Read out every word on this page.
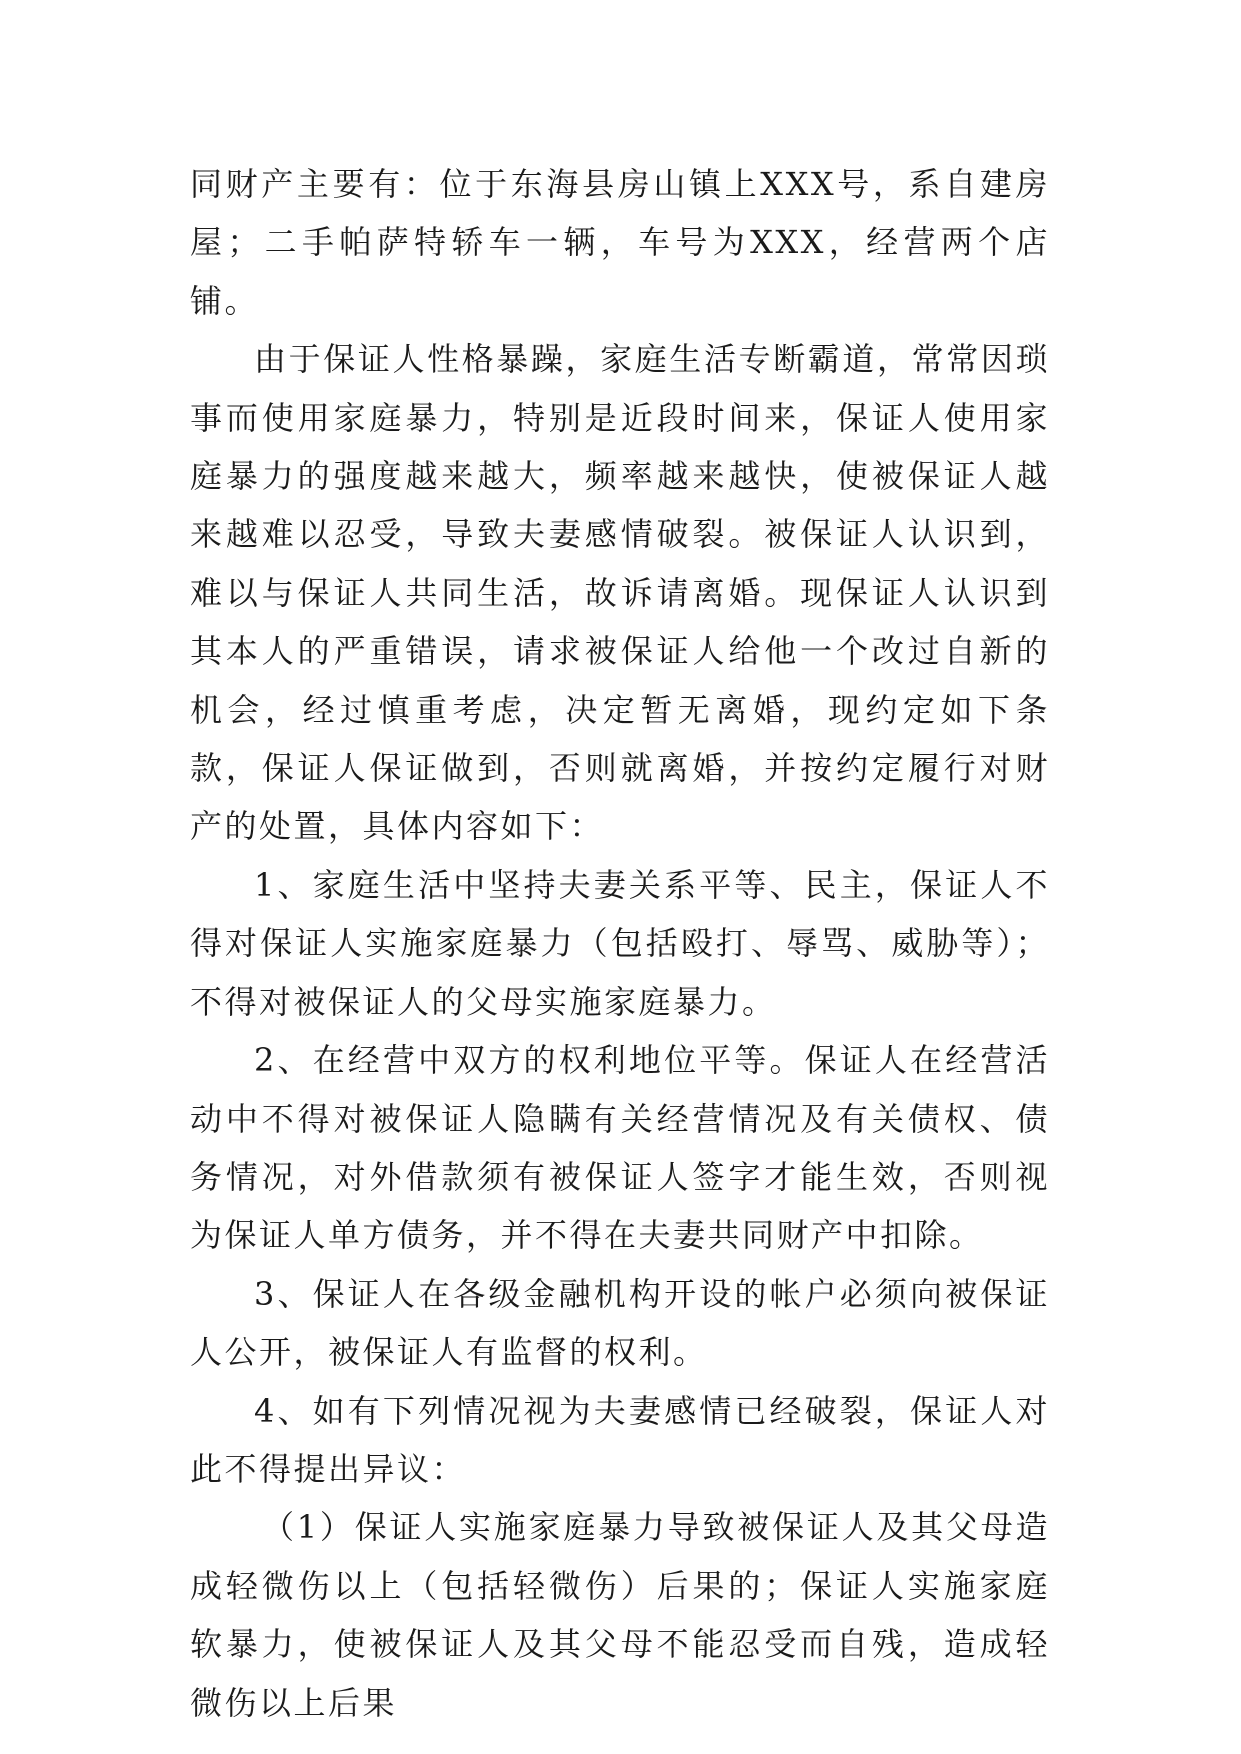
同财产主要有：位于东海县房山镇上XXX号，系自建房屋；二手帕萨特轿车一辆，车号为XXX，经营两个店铺。

由于保证人性格暴躁，家庭生活专断霸道，常常因琐事而使用家庭暴力，特别是近段时间来，保证人使用家庭暴力的强度越来越大，频率越来越快，使被保证人越来越难以忍受，导致夫妻感情破裂。被保证人认识到，难以与保证人共同生活，故诉请离婚。现保证人认识到其本人的严重错误，请求被保证人给他一个改过自新的机会，经过慎重考虑，决定暂无离婚，现约定如下条款，保证人保证做到，否则就离婚，并按约定履行对财产的处置，具体内容如下：

1、家庭生活中坚持夫妻关系平等、民主，保证人不得对保证人实施家庭暴力（包括殴打、辱骂、威胁等）；不得对被保证人的父母实施家庭暴力。

2、在经营中双方的权利地位平等。保证人在经营活动中不得对被保证人隐瞒有关经营情况及有关债权、债务情况，对外借款须有被保证人签字才能生效，否则视为保证人单方债务，并不得在夫妻共同财产中扣除。

3、保证人在各级金融机构开设的帐户必须向被保证人公开，被保证人有监督的权利。

4、如有下列情况视为夫妻感情已经破裂，保证人对此不得提出异议：

（1）保证人实施家庭暴力导致被保证人及其父母造成轻微伤以上（包括轻微伤）后果的；保证人实施家庭软暴力，使被保证人及其父母不能忍受而自残，造成轻微伤以上后果
